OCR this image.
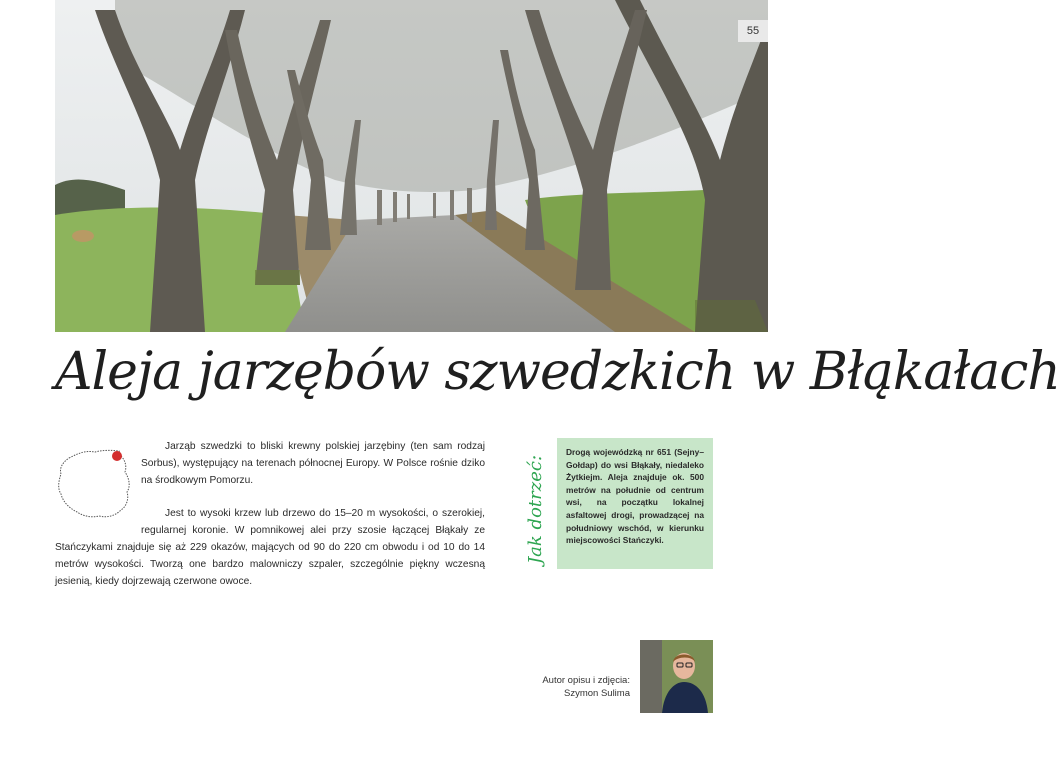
55
Aleja jarzębów szwedzkich w Błąkałach

Jarząb szwedzki to bliski krewny polskiej jarzębiny (ten sam rodzaj Sorbus), występujący na terenach północnej Europy. W Polsce rośnie dziko na środkowym Pomorzu.

Jest to wysoki krzew lub drzewo do 15–20 m wysokości, o szerokiej, regularnej koronie. W pomnikowej alei przy szosie łączącej Błąkały ze Stańczykami znajduje się aż 229 okazów, mających od 90 do 220 cm obwodu i od 10 do 14 metrów wysokości. Tworzą one bardzo malowniczy szpaler, szczególnie piękny wczesną jesienią, kiedy dojrzewają czerwone owoce.

Jak dotrzeć:
Drogą wojewódzką nr 651 (Sejny–Gołdap) do wsi Błąkały, niedaleko Żytkiejm. Aleja znajduje ok. 500 metrów na południe od centrum wsi, na początku lokalnej asfaltowej drogi, prowadzącej na południowy wschód, w kierunku miejscowości Stańczyki.
Autor opisu i zdjęcia:
Szymon Sulima
